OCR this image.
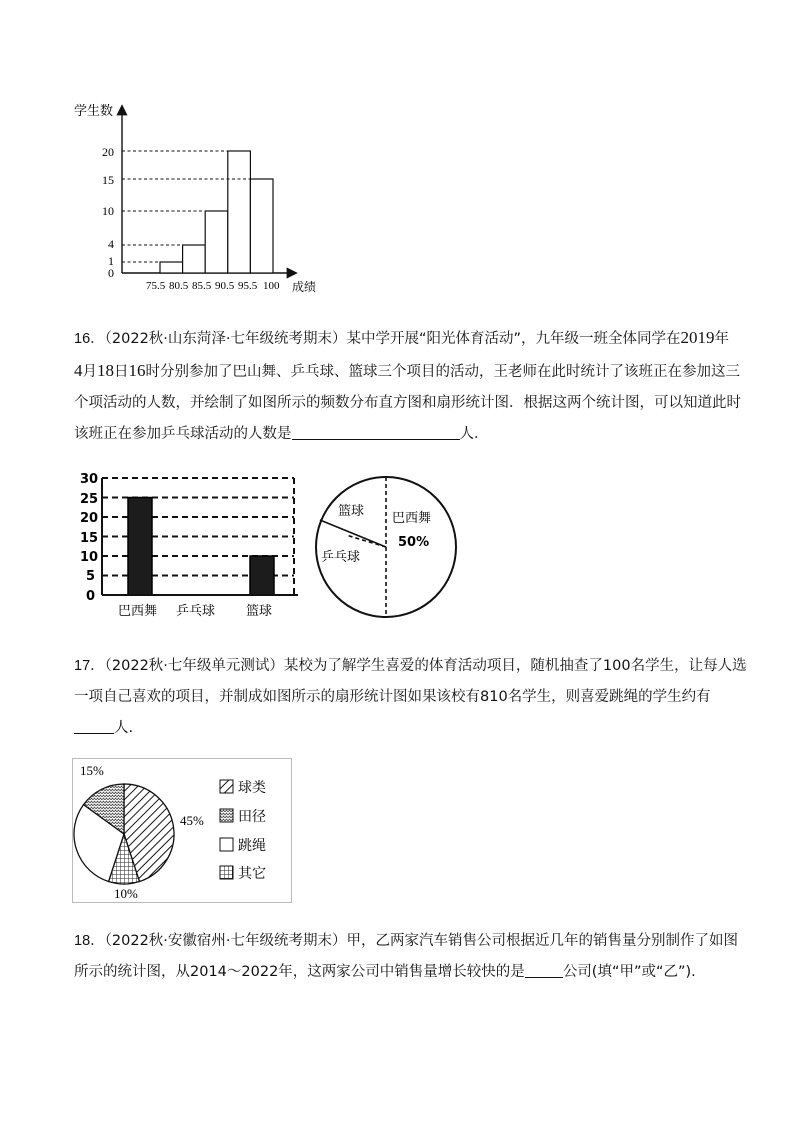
学生数
20
15
10
4
1
0
75.5 80.5 85.5 90.5 95.5 100 成绩

16．（2022秋·山东菏泽·七年级统考期末）某中学开展“阳光体育活动”，九年级一班全体同学在2019年

4月18日16时分别参加了巴山舞、乒乓球、篮球三个项目的活动，王老师在此时统计了该班正在参加这三

个项活动的人数，并绘制了如图所示的频数分布直方图和扇形统计图．根据这两个统计图，可以知道此时

该班正在参加乒乓球活动的人数是	人．

30
25
20
15
10
5
0
巴西舞 乒乓球 篮球
篮球 巴西舞
50%
乒乓球

17．（2022秋·七年级单元测试）某校为了解学生喜爱的体育活动项目，随机抽查了100名学生，让每人选

一项自己喜欢的项目，并制成如图所示的扇形统计图如果该校有810名学生，则喜爱跳绳的学生约有

人.

15%
45%
10%
球类
田径
跳绳
其它

18．（2022秋·安徽宿州·七年级统考期末）甲，乙两家汽车销售公司根据近几年的销售量分别制作了如图

所示的统计图，从2014～2022年，这两家公司中销售量增长较快的是	公司(填“甲”或“乙”).
